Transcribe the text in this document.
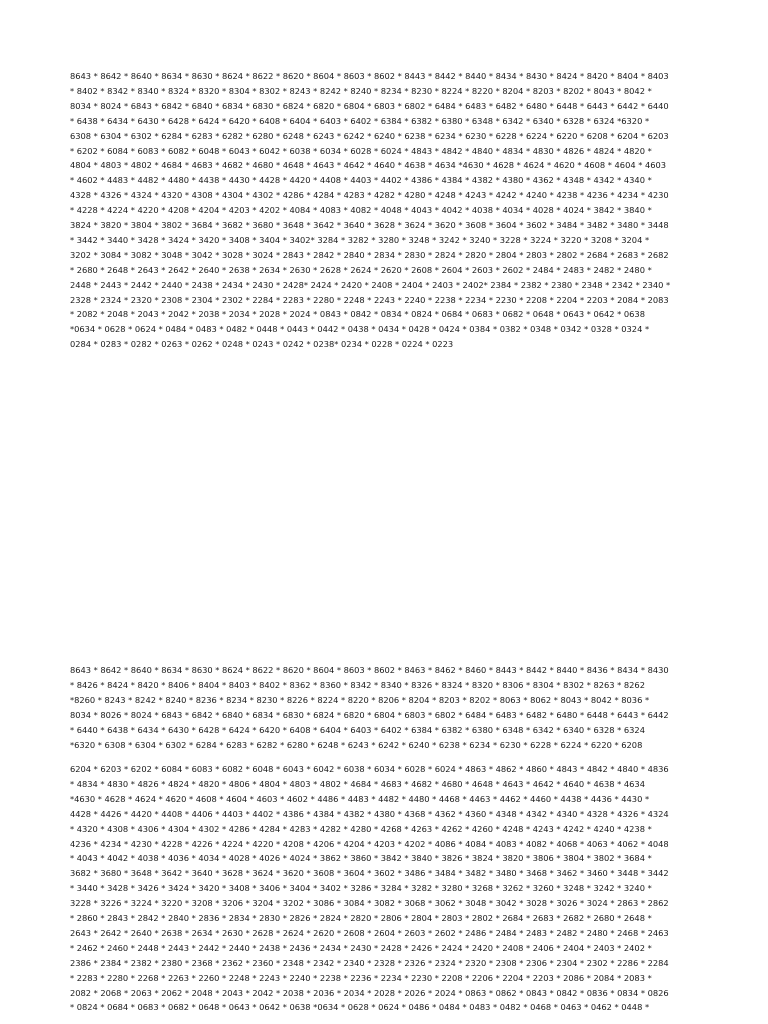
8643 * 8642 * 8640 * 8634 * 8630 * 8624 * 8622 * 8620 * 8604 * 8603 * 8602 * 8443 * 8442 * 8440 * 8434 * 8430 * 8424 * 8420 * 8404 * 8403
* 8402 * 8342 * 8340 * 8324 * 8320 * 8304 * 8302 * 8243 * 8242 * 8240 * 8234 * 8230 * 8224 * 8220 * 8204 * 8203 * 8202 * 8043 * 8042 *
8034 * 8024 * 6843 * 6842 * 6840 * 6834 * 6830 * 6824 * 6820 * 6804 * 6803 * 6802 * 6484 * 6483 * 6482 * 6480 * 6448 * 6443 * 6442 * 6440
* 6438 * 6434 * 6430 * 6428 * 6424 * 6420 * 6408 * 6404 * 6403 * 6402 * 6384 * 6382 * 6380 * 6348 * 6342 * 6340 * 6328 * 6324 *6320 *
6308 * 6304 * 6302 * 6284 * 6283 * 6282 * 6280 * 6248 * 6243 * 6242 * 6240 * 6238 * 6234 * 6230 * 6228 * 6224 * 6220 * 6208 * 6204 * 6203
* 6202 * 6084 * 6083 * 6082 * 6048 * 6043 * 6042 * 6038 * 6034 * 6028 * 6024 * 4843 * 4842 * 4840 * 4834 * 4830 * 4826 * 4824 * 4820 *
4804 * 4803 * 4802 * 4684 * 4683 * 4682 * 4680 * 4648 * 4643 * 4642 * 4640 * 4638 * 4634 *4630 * 4628 * 4624 * 4620 * 4608 * 4604 * 4603
* 4602 * 4483 * 4482 * 4480 * 4438 * 4430 * 4428 * 4420 * 4408 * 4403 * 4402 * 4386 * 4384 * 4382 * 4380 * 4362 * 4348 * 4342 * 4340 *
4328 * 4326 * 4324 * 4320 * 4308 * 4304 * 4302 * 4286 * 4284 * 4283 * 4282 * 4280 * 4248 * 4243 * 4242 * 4240 * 4238 * 4236 * 4234 * 4230
* 4228 * 4224 * 4220 * 4208 * 4204 * 4203 * 4202 * 4084 * 4083 * 4082 * 4048 * 4043 * 4042 * 4038 * 4034 * 4028 * 4024 * 3842 * 3840 *
3824 * 3820 * 3804 * 3802 * 3684 * 3682 * 3680 * 3648 * 3642 * 3640 * 3628 * 3624 * 3620 * 3608 * 3604 * 3602 * 3484 * 3482 * 3480 * 3448
* 3442 * 3440 * 3428 * 3424 * 3420 * 3408 * 3404 * 3402* 3284 * 3282 * 3280 * 3248 * 3242 * 3240 * 3228 * 3224 * 3220 * 3208 * 3204 *
3202 * 3084 * 3082 * 3048 * 3042 * 3028 * 3024 * 2843 * 2842 * 2840 * 2834 * 2830 * 2824 * 2820 * 2804 * 2803 * 2802 * 2684 * 2683 * 2682
* 2680 * 2648 * 2643 * 2642 * 2640 * 2638 * 2634 * 2630 * 2628 * 2624 * 2620 * 2608 * 2604 * 2603 * 2602 * 2484 * 2483 * 2482 * 2480 *
2448 * 2443 * 2442 * 2440 * 2438 * 2434 * 2430 * 2428* 2424 * 2420 * 2408 * 2404 * 2403 * 2402* 2384 * 2382 * 2380 * 2348 * 2342 * 2340 *
2328 * 2324 * 2320 * 2308 * 2304 * 2302 * 2284 * 2283 * 2280 * 2248 * 2243 * 2240 * 2238 * 2234 * 2230 * 2208 * 2204 * 2203 * 2084 * 2083
* 2082 * 2048 * 2043 * 2042 * 2038 * 2034 * 2028 * 2024 * 0843 * 0842 * 0834 * 0824 * 0684 * 0683 * 0682 * 0648 * 0643 * 0642 * 0638
*0634 * 0628 * 0624 * 0484 * 0483 * 0482 * 0448 * 0443 * 0442 * 0438 * 0434 * 0428 * 0424 * 0384 * 0382 * 0348 * 0342 * 0328 * 0324 *
0284 * 0283 * 0282 * 0263 * 0262 * 0248 * 0243 * 0242 * 0238* 0234 * 0228 * 0224 * 0223
8643 * 8642 * 8640 * 8634 * 8630 * 8624 * 8622 * 8620 * 8604 * 8603 * 8602 * 8463 * 8462 * 8460 * 8443 * 8442 * 8440 * 8436 * 8434 * 8430
* 8426 * 8424 * 8420 * 8406 * 8404 * 8403 * 8402 * 8362 * 8360 * 8342 * 8340 * 8326 * 8324 * 8320 * 8306 * 8304 * 8302 * 8263 * 8262
*8260 * 8243 * 8242 * 8240 * 8236 * 8234 * 8230 * 8226 * 8224 * 8220 * 8206 * 8204 * 8203 * 8202 * 8063 * 8062 * 8043 * 8042 * 8036 *
8034 * 8026 * 8024 * 6843 * 6842 * 6840 * 6834 * 6830 * 6824 * 6820 * 6804 * 6803 * 6802 * 6484 * 6483 * 6482 * 6480 * 6448 * 6443 * 6442
* 6440 * 6438 * 6434 * 6430 * 6428 * 6424 * 6420 * 6408 * 6404 * 6403 * 6402 * 6384 * 6382 * 6380 * 6348 * 6342 * 6340 * 6328 * 6324
*6320 * 6308 * 6304 * 6302 * 6284 * 6283 * 6282 * 6280 * 6248 * 6243 * 6242 * 6240 * 6238 * 6234 * 6230 * 6228 * 6224 * 6220 * 6208
6204 * 6203 * 6202 * 6084 * 6083 * 6082 * 6048 * 6043 * 6042 * 6038 * 6034 * 6028 * 6024 * 4863 * 4862 * 4860 * 4843 * 4842 * 4840 * 4836
* 4834 * 4830 * 4826 * 4824 * 4820 * 4806 * 4804 * 4803 * 4802 * 4684 * 4683 * 4682 * 4680 * 4648 * 4643 * 4642 * 4640 * 4638 * 4634
*4630 * 4628 * 4624 * 4620 * 4608 * 4604 * 4603 * 4602 * 4486 * 4483 * 4482 * 4480 * 4468 * 4463 * 4462 * 4460 * 4438 * 4436 * 4430 *
4428 * 4426 * 4420 * 4408 * 4406 * 4403 * 4402 * 4386 * 4384 * 4382 * 4380 * 4368 * 4362 * 4360 * 4348 * 4342 * 4340 * 4328 * 4326 * 4324
* 4320 * 4308 * 4306 * 4304 * 4302 * 4286 * 4284 * 4283 * 4282 * 4280 * 4268 * 4263 * 4262 * 4260 * 4248 * 4243 * 4242 * 4240 * 4238 *
4236 * 4234 * 4230 * 4228 * 4226 * 4224 * 4220 * 4208 * 4206 * 4204 * 4203 * 4202 * 4086 * 4084 * 4083 * 4082 * 4068 * 4063 * 4062 * 4048
* 4043 * 4042 * 4038 * 4036 * 4034 * 4028 * 4026 * 4024 * 3862 * 3860 * 3842 * 3840 * 3826 * 3824 * 3820 * 3806 * 3804 * 3802 * 3684 *
3682 * 3680 * 3648 * 3642 * 3640 * 3628 * 3624 * 3620 * 3608 * 3604 * 3602 * 3486 * 3484 * 3482 * 3480 * 3468 * 3462 * 3460 * 3448 * 3442
* 3440 * 3428 * 3426 * 3424 * 3420 * 3408 * 3406 * 3404 * 3402 * 3286 * 3284 * 3282 * 3280 * 3268 * 3262 * 3260 * 3248 * 3242 * 3240 *
3228 * 3226 * 3224 * 3220 * 3208 * 3206 * 3204 * 3202 * 3086 * 3084 * 3082 * 3068 * 3062 * 3048 * 3042 * 3028 * 3026 * 3024 * 2863 * 2862
* 2860 * 2843 * 2842 * 2840 * 2836 * 2834 * 2830 * 2826 * 2824 * 2820 * 2806 * 2804 * 2803 * 2802 * 2684 * 2683 * 2682 * 2680 * 2648 *
2643 * 2642 * 2640 * 2638 * 2634 * 2630 * 2628 * 2624 * 2620 * 2608 * 2604 * 2603 * 2602 * 2486 * 2484 * 2483 * 2482 * 2480 * 2468 * 2463
* 2462 * 2460 * 2448 * 2443 * 2442 * 2440 * 2438 * 2436 * 2434 * 2430 * 2428 * 2426 * 2424 * 2420 * 2408 * 2406 * 2404 * 2403 * 2402 *
2386 * 2384 * 2382 * 2380 * 2368 * 2362 * 2360 * 2348 * 2342 * 2340 * 2328 * 2326 * 2324 * 2320 * 2308 * 2306 * 2304 * 2302 * 2286 * 2284
* 2283 * 2280 * 2268 * 2263 * 2260 * 2248 * 2243 * 2240 * 2238 * 2236 * 2234 * 2230 * 2208 * 2206 * 2204 * 2203 * 2086 * 2084 * 2083 *
2082 * 2068 * 2063 * 2062 * 2048 * 2043 * 2042 * 2038 * 2036 * 2034 * 2028 * 2026 * 2024 * 0863 * 0862 * 0843 * 0842 * 0836 * 0834 * 0826
* 0824 * 0684 * 0683 * 0682 * 0648 * 0643 * 0642 * 0638 *0634 * 0628 * 0624 * 0486 * 0484 * 0483 * 0482 * 0468 * 0463 * 0462 * 0448 *
